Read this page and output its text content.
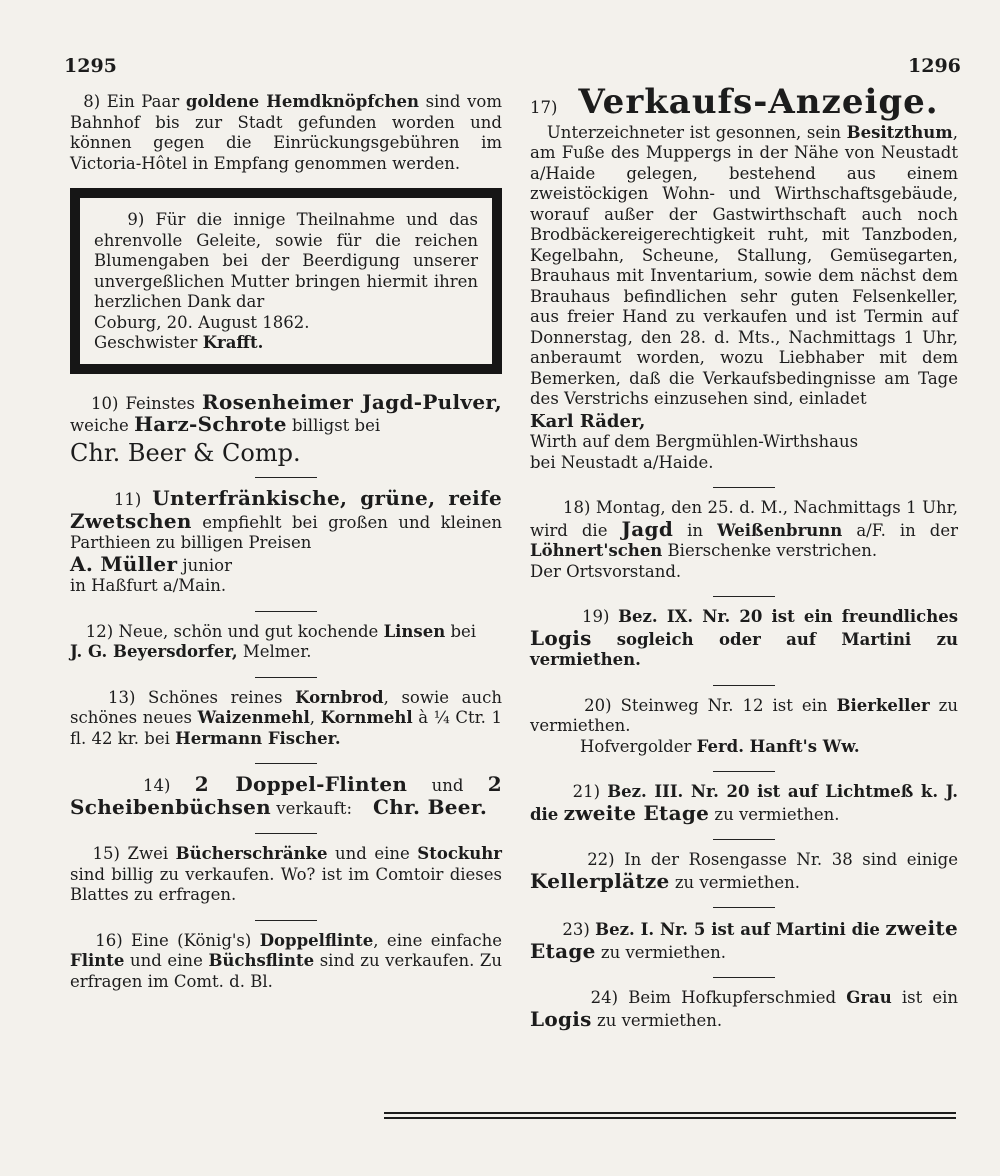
1295	1296

8) Ein Paar goldene Hemdknöpfchen sind vom Bahnhof bis zur Stadt gefunden worden und können gegen die Einrückungsgebühren im Victoria-Hôtel in Empfang genommen werden.

9) Für die innige Theilnahme und das ehrenvolle Geleite, sowie für die reichen Blumengaben bei der Beerdigung unserer unvergeßlichen Mutter bringen hiermit ihren herzlichen Dank dar

Coburg, 20. August 1862.

Geschwister Krafft.

10) Feinstes Rosenheimer Jagd-Pulver, weiche Harz-Schrote billigst bei

Chr. Beer & Comp.

11) Unterfränkische, grüne, reife Zwetschen empfiehlt bei großen und kleinen Parthieen zu billigen Preisen

A. Müller junior

in Haßfurt a/Main.

12) Neue, schön und gut kochende Linsen bei

J. G. Beyersdorfer, Melmer.

13) Schönes reines Kornbrod, sowie auch schönes neues Waizenmehl, Kornmehl à ¼ Ctr. 1 fl. 42 kr. bei Hermann Fischer.

14) 2 Doppel-Flinten und 2 Scheibenbüchsen verkauft: Chr. Beer.

15) Zwei Bücherschränke und eine Stockuhr sind billig zu verkaufen. Wo? ist im Comtoir dieses Blattes zu erfragen.

16) Eine (König's) Doppelflinte, eine einfache Flinte und eine Büchsflinte sind zu verkaufen. Zu erfragen im Comt. d. Bl.

17) Verkaufs-Anzeige.

Unterzeichneter ist gesonnen, sein Besitzthum, am Fuße des Muppergs in der Nähe von Neustadt a/Haide gelegen, bestehend aus einem zweistöckigen Wohn- und Wirthschaftsgebäude, worauf außer der Gastwirthschaft auch noch Brodbäckereigerechtigkeit ruht, mit Tanzboden, Kegelbahn, Scheune, Stallung, Gemüsegarten, Brauhaus mit Inventarium, sowie dem nächst dem Brauhaus befindlichen sehr guten Felsenkeller, aus freier Hand zu verkaufen und ist Termin auf Donnerstag, den 28. d. Mts., Nachmittags 1 Uhr, anberaumt worden, wozu Liebhaber mit dem Bemerken, daß die Verkaufsbedingnisse am Tage des Verstrichs einzusehen sind, einladet

Karl Räder,

Wirth auf dem Bergmühlen-Wirthshaus

bei Neustadt a/Haide.

18) Montag, den 25. d. M., Nachmittags 1 Uhr, wird die Jagd in Weißenbrunn a/F. in der Löhnert'schen Bierschenke verstrichen.

Der Ortsvorstand.

19) Bez. IX. Nr. 20 ist ein freundliches Logis sogleich oder auf Martini zu vermiethen.

20) Steinweg Nr. 12 ist ein Bierkeller zu vermiethen.

Hofvergolder Ferd. Hanft's Ww.

21) Bez. III. Nr. 20 ist auf Lichtmeß k. J. die zweite Etage zu vermiethen.

22) In der Rosengasse Nr. 38 sind einige Kellerplätze zu vermiethen.

23) Bez. I. Nr. 5 ist auf Martini die zweite Etage zu vermiethen.

24) Beim Hofkupferschmied Grau ist ein Logis zu vermiethen.
